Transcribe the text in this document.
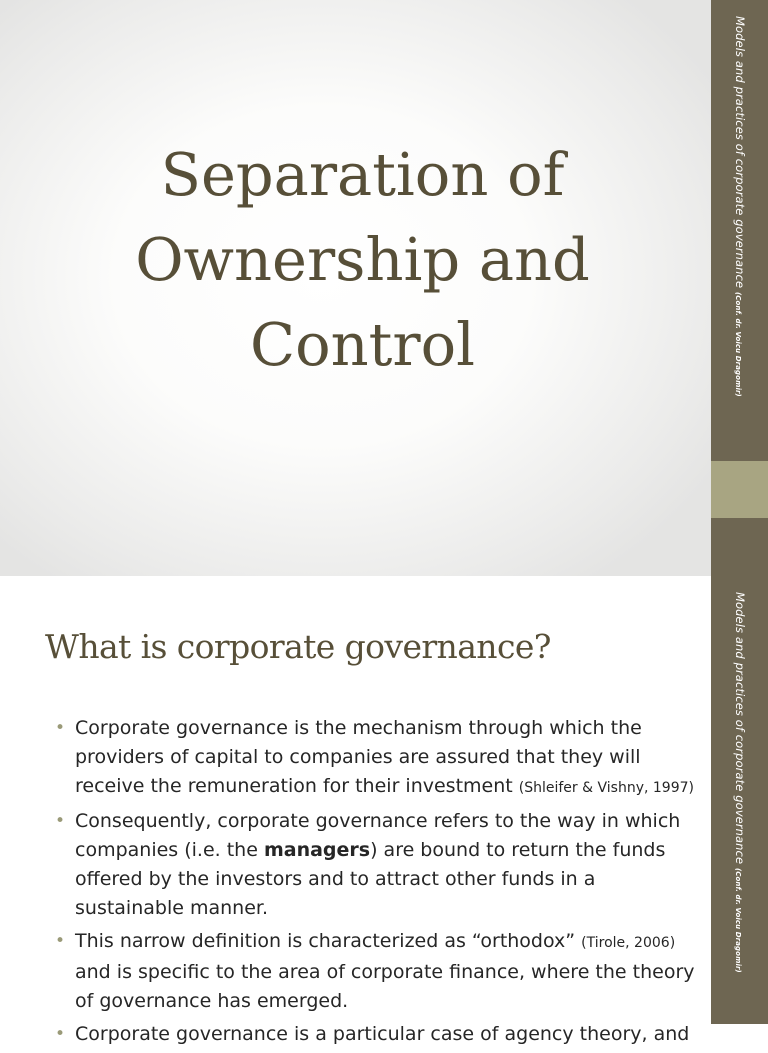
Models and practices of corporate governance (Conf. dr. Voicu Dragomir)
Separation of
Ownership and
Control
Models and practices of corporate governance (Conf. dr. Voicu Dragomir)
What is corporate governance?
• Corporate governance is the mechanism through which the providers of capital to companies are assured that they will receive the remuneration for their investment (Shleifer & Vishny, 1997)
• Consequently, corporate governance refers to the way in which companies (i.e. the managers) are bound to return the funds offered by the investors and to attract other funds in a sustainable manner.
• This narrow definition is characterized as “orthodox” (Tirole, 2006) and is specific to the area of corporate finance, where the theory of governance has emerged.
• Corporate governance is a particular case of agency theory, and
